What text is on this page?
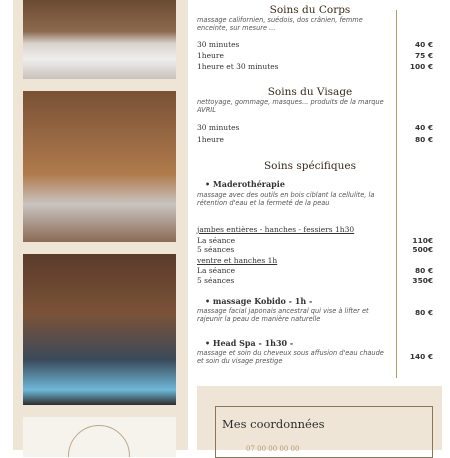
Soins du Corps
massage californien, suédois, dos crânien, femme enceinte, sur mesure ...
30 minutes	40 €
1heure	75 €
1heure et 30 minutes	100 €
Soins du Visage
nettoyage, gommage, masques... produits de la marque AVRIL
30 minutes	40 €
1heure	80 €
Soins spécifiques
• Maderothérapie
massage avec des outils en bois ciblant la cellulite, la rétention d'eau et la fermeté de la peau
jambes entières - hanches - fessiers 1h30
La séance	110€
5 séances	500€
ventre et hanches 1h
La séance	80 €
5 séances	350€
• massage Kobido - 1h -
massage facial japonais ancestral qui vise à lifter et rajeunir la peau de manière naturelle
80 €
• Head Spa - 1h30 -
massage et soin du cheveux sous affusion d'eau chaude et soin du visage prestige
140 €
Mes coordonnées
07 00 00 00 00
